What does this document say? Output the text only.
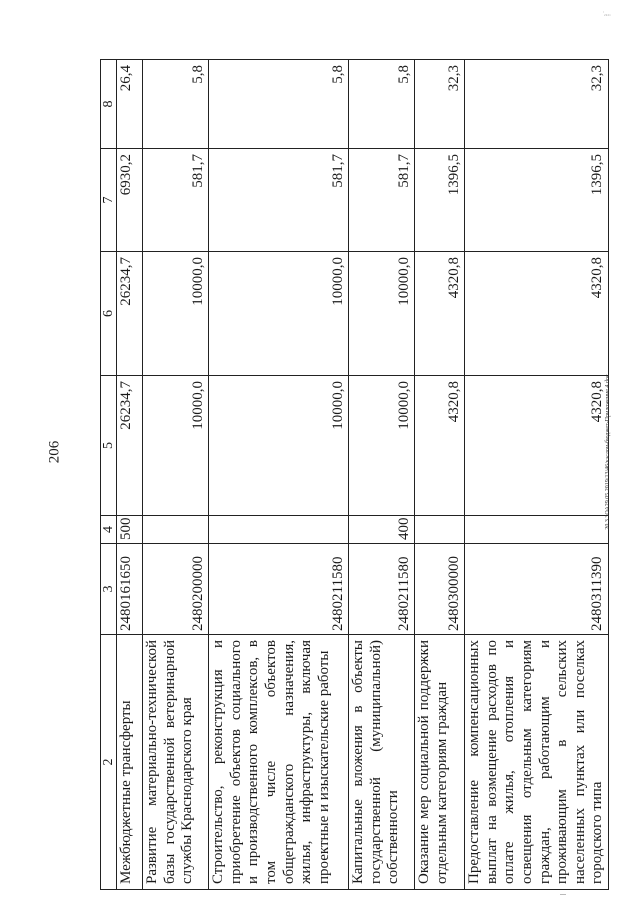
206
'₂₂₂₁
2	3	4	5	6	7	8
Межбюджетные трансферты	2480161650	500	26234,7	26234,7	6930,2	26,4
Развитие материально-технической базы государственной ветеринарной службы Краснодарского края	2480200000		10000,0	10000,0	581,7	5,8
Строительство, реконструкция и приобретение объектов социального и производственного комплексов, в том числе объектов общегражданского назначения, жилья, инфраструктуры, включая проектные и изыскательские работы	2480211580		10000,0	10000,0	581,7	5,8
Капитальные вложения в объекты государственной (муниципальной) собственности	2480211580	400	10000,0	10000,0	581,7	5,8
Оказание мер социальной поддержки отдельным категориям граждан	2480300000		4320,8	4320,8	1396,5	32,3
Предоставление компенсационных выплат на возмещение расходов по оплате жилья, отопления и освещения отдельным категориям граждан, работающим и проживающим в сельских населенных пунктах или поселках городского типа	2480311390		4320,8	4320,8	1396,5	32,3
20.3.ЗОА29.05.2019/13/46/кэслои-бюджет-Приложение 4.doc
---
